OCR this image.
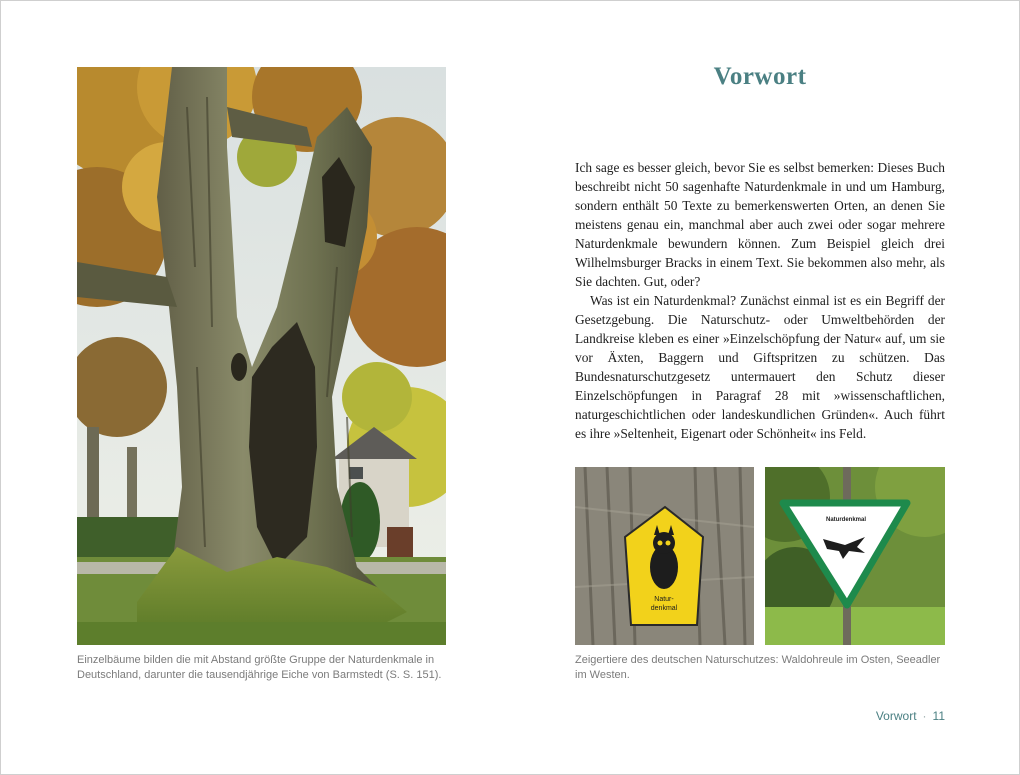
Einzelbäume bilden die mit Abstand größte Gruppe der Naturdenkmale in Deutschland, darunter die tausendjährige Eiche von Barmstedt (S. S. 151).
Vorwort

Ich sage es besser gleich, bevor Sie es selbst bemerken: Dieses Buch beschreibt nicht 50 sagenhafte Naturdenkmale in und um Hamburg, sondern enthält 50 Texte zu bemerkenswerten Orten, an denen Sie meistens genau ein, manchmal aber auch zwei oder sogar mehrere Naturdenkmale bewundern können. Zum Beispiel gleich drei Wilhelmsburger Bracks in einem Text. Sie bekommen also mehr, als Sie dachten. Gut, oder?

Was ist ein Naturdenkmal? Zunächst einmal ist es ein Begriff der Gesetzgebung. Die Naturschutz- oder Umweltbehörden der Landkreise kleben es einer »Einzelschöpfung der Natur« auf, um sie vor Äxten, Baggern und Giftspritzen zu schützen. Das Bundesnaturschutzgesetz untermauert den Schutz dieser Einzelschöpfungen in Paragraf 28 mit »wissenschaftlichen, naturgeschichtlichen oder landeskundlichen Gründen«. Auch führt es ihre »Seltenheit, Eigenart oder Schönheit« ins Feld.

Natur-
denkmal
Naturdenkmal
Zeigertiere des deutschen Naturschutzes: Waldohreule im Osten, Seeadler im Westen.
Vorwort · 11
